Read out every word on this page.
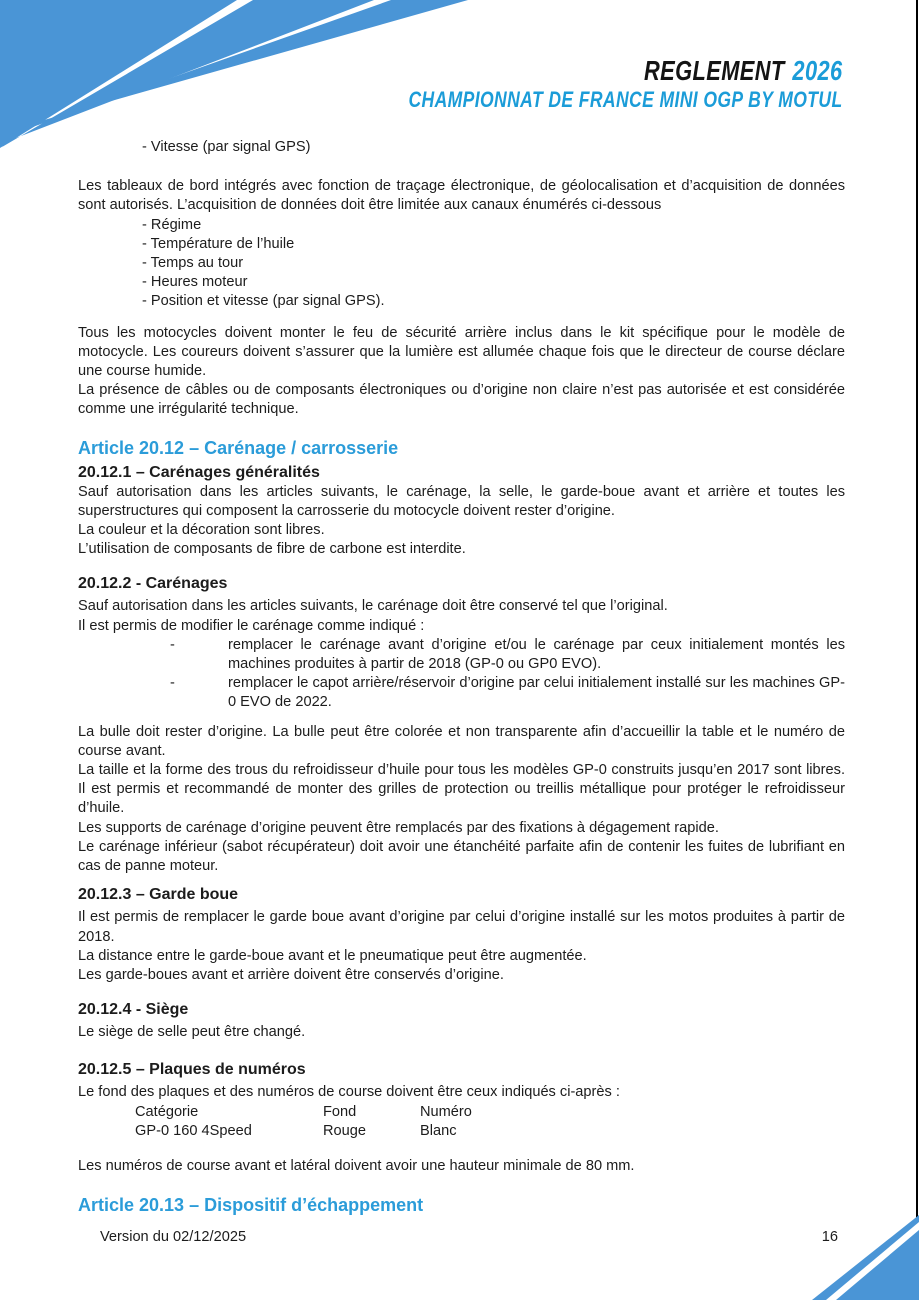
REGLEMENT 2026
CHAMPIONNAT DE FRANCE MINI OGP BY MOTUL

- Vitesse (par signal GPS)

Les tableaux de bord intégrés avec fonction de traçage électronique, de géolocalisation et d’acquisition de données sont autorisés. L’acquisition de données doit être limitée aux canaux énumérés ci-dessous

- Régime

- Température de l’huile

- Temps au tour

- Heures moteur

- Position et vitesse (par signal GPS).

Tous les motocycles doivent monter le feu de sécurité arrière inclus dans le kit spécifique pour le modèle de motocycle. Les coureurs doivent s’assurer que la lumière est allumée chaque fois que le directeur de course déclare une course humide.

La présence de câbles ou de composants électroniques ou d’origine non claire n’est pas autorisée et est considérée comme une irrégularité technique.

Article 20.12 – Carénage / carrosserie
20.12.1 – Carénages généralités

Sauf autorisation dans les articles suivants, le carénage, la selle, le garde-boue avant et arrière et toutes les superstructures qui composent la carrosserie du motocycle doivent rester d’origine.

La couleur et la décoration sont libres.

L’utilisation de composants de fibre de carbone est interdite.

20.12.2 - Carénages

Sauf autorisation dans les articles suivants, le carénage doit être conservé tel que l’original.

Il est permis de modifier le carénage comme indiqué :

-	remplacer le carénage avant d’origine et/ou le carénage par ceux initialement montés les machines produites à partir de 2018 (GP-0 ou GP0 EVO).
-	remplacer le capot arrière/réservoir d’origine par celui initialement installé sur les machines GP-0 EVO de 2022.

La bulle doit rester d’origine. La bulle peut être colorée et non transparente afin d’accueillir la table et le numéro de course avant.

La taille et la forme des trous du refroidisseur d’huile pour tous les modèles GP-0 construits jusqu’en 2017 sont libres. Il est permis et recommandé de monter des grilles de protection ou treillis métallique pour protéger le refroidisseur d’huile.

Les supports de carénage d’origine peuvent être remplacés par des fixations à dégagement rapide.

Le carénage inférieur (sabot récupérateur) doit avoir une étanchéité parfaite afin de contenir les fuites de lubrifiant en cas de panne moteur.

20.12.3 – Garde boue

Il est permis de remplacer le garde boue avant d’origine par celui d’origine installé sur les motos produites à partir de 2018.

La distance entre le garde-boue avant et le pneumatique peut être augmentée.

Les garde-boues avant et arrière doivent être conservés d’origine.

20.12.4 - Siège

Le siège de selle peut être changé.

20.12.5 – Plaques de numéros

Le fond des plaques et des numéros de course doivent être ceux indiqués ci-après :

Catégorie	Fond	Numéro
GP-0 160 4Speed	Rouge	Blanc

Les numéros de course avant et latéral doivent avoir une hauteur minimale de 80 mm.

Article 20.13 – Dispositif d’échappement
Version du 02/12/2025	16
